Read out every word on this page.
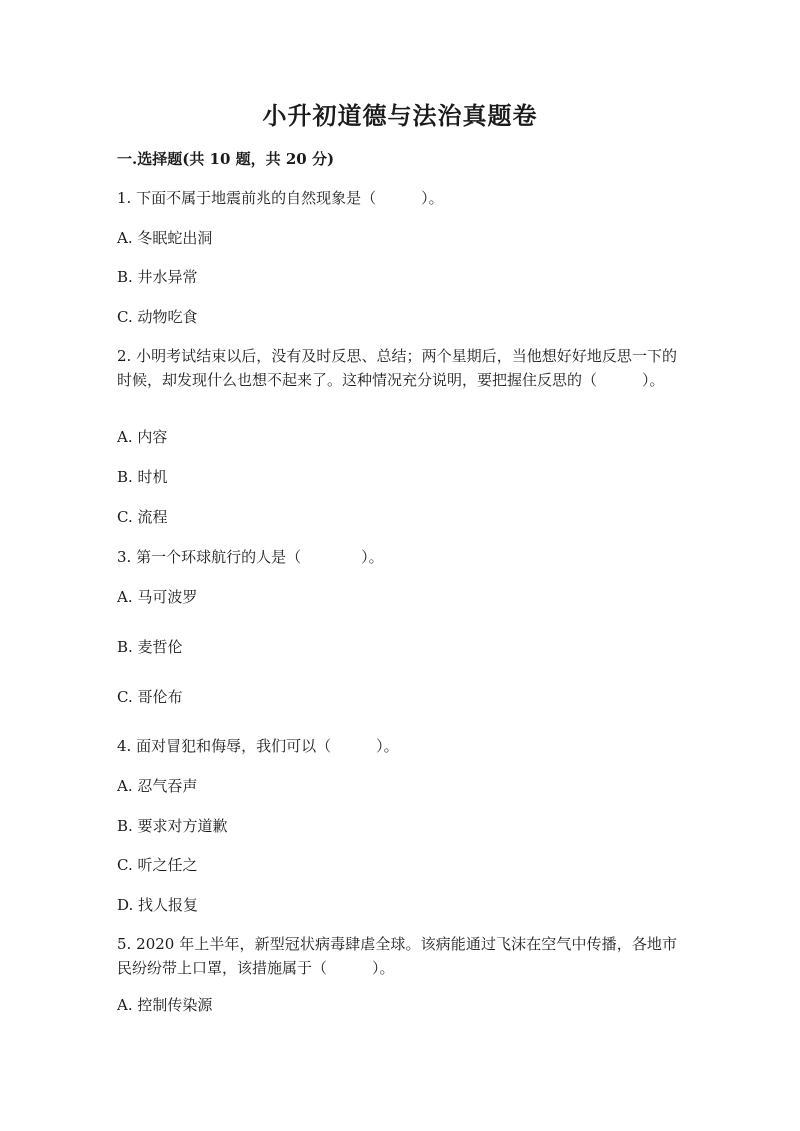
小升初道德与法治真题卷
一.选择题(共 10 题，共 20 分)
1. 下面不属于地震前兆的自然现象是（　　　）。
A. 冬眠蛇出洞
B. 井水异常
C. 动物吃食
2. 小明考试结束以后，没有及时反思、总结；两个星期后，当他想好好地反思一下的时候，却发现什么也想不起来了。这种情况充分说明，要把握住反思的（　　　）。
A. 内容
B. 时机
C. 流程
3. 第一个环球航行的人是（　　　　）。
A. 马可波罗
B. 麦哲伦
C. 哥伦布
4. 面对冒犯和侮辱，我们可以（　　　）。
A. 忍气吞声
B. 要求对方道歉
C. 听之任之
D. 找人报复
5. 2020 年上半年，新型冠状病毒肆虐全球。该病能通过飞沫在空气中传播，各地市民纷纷带上口罩，该措施属于（　　　）。
A. 控制传染源
